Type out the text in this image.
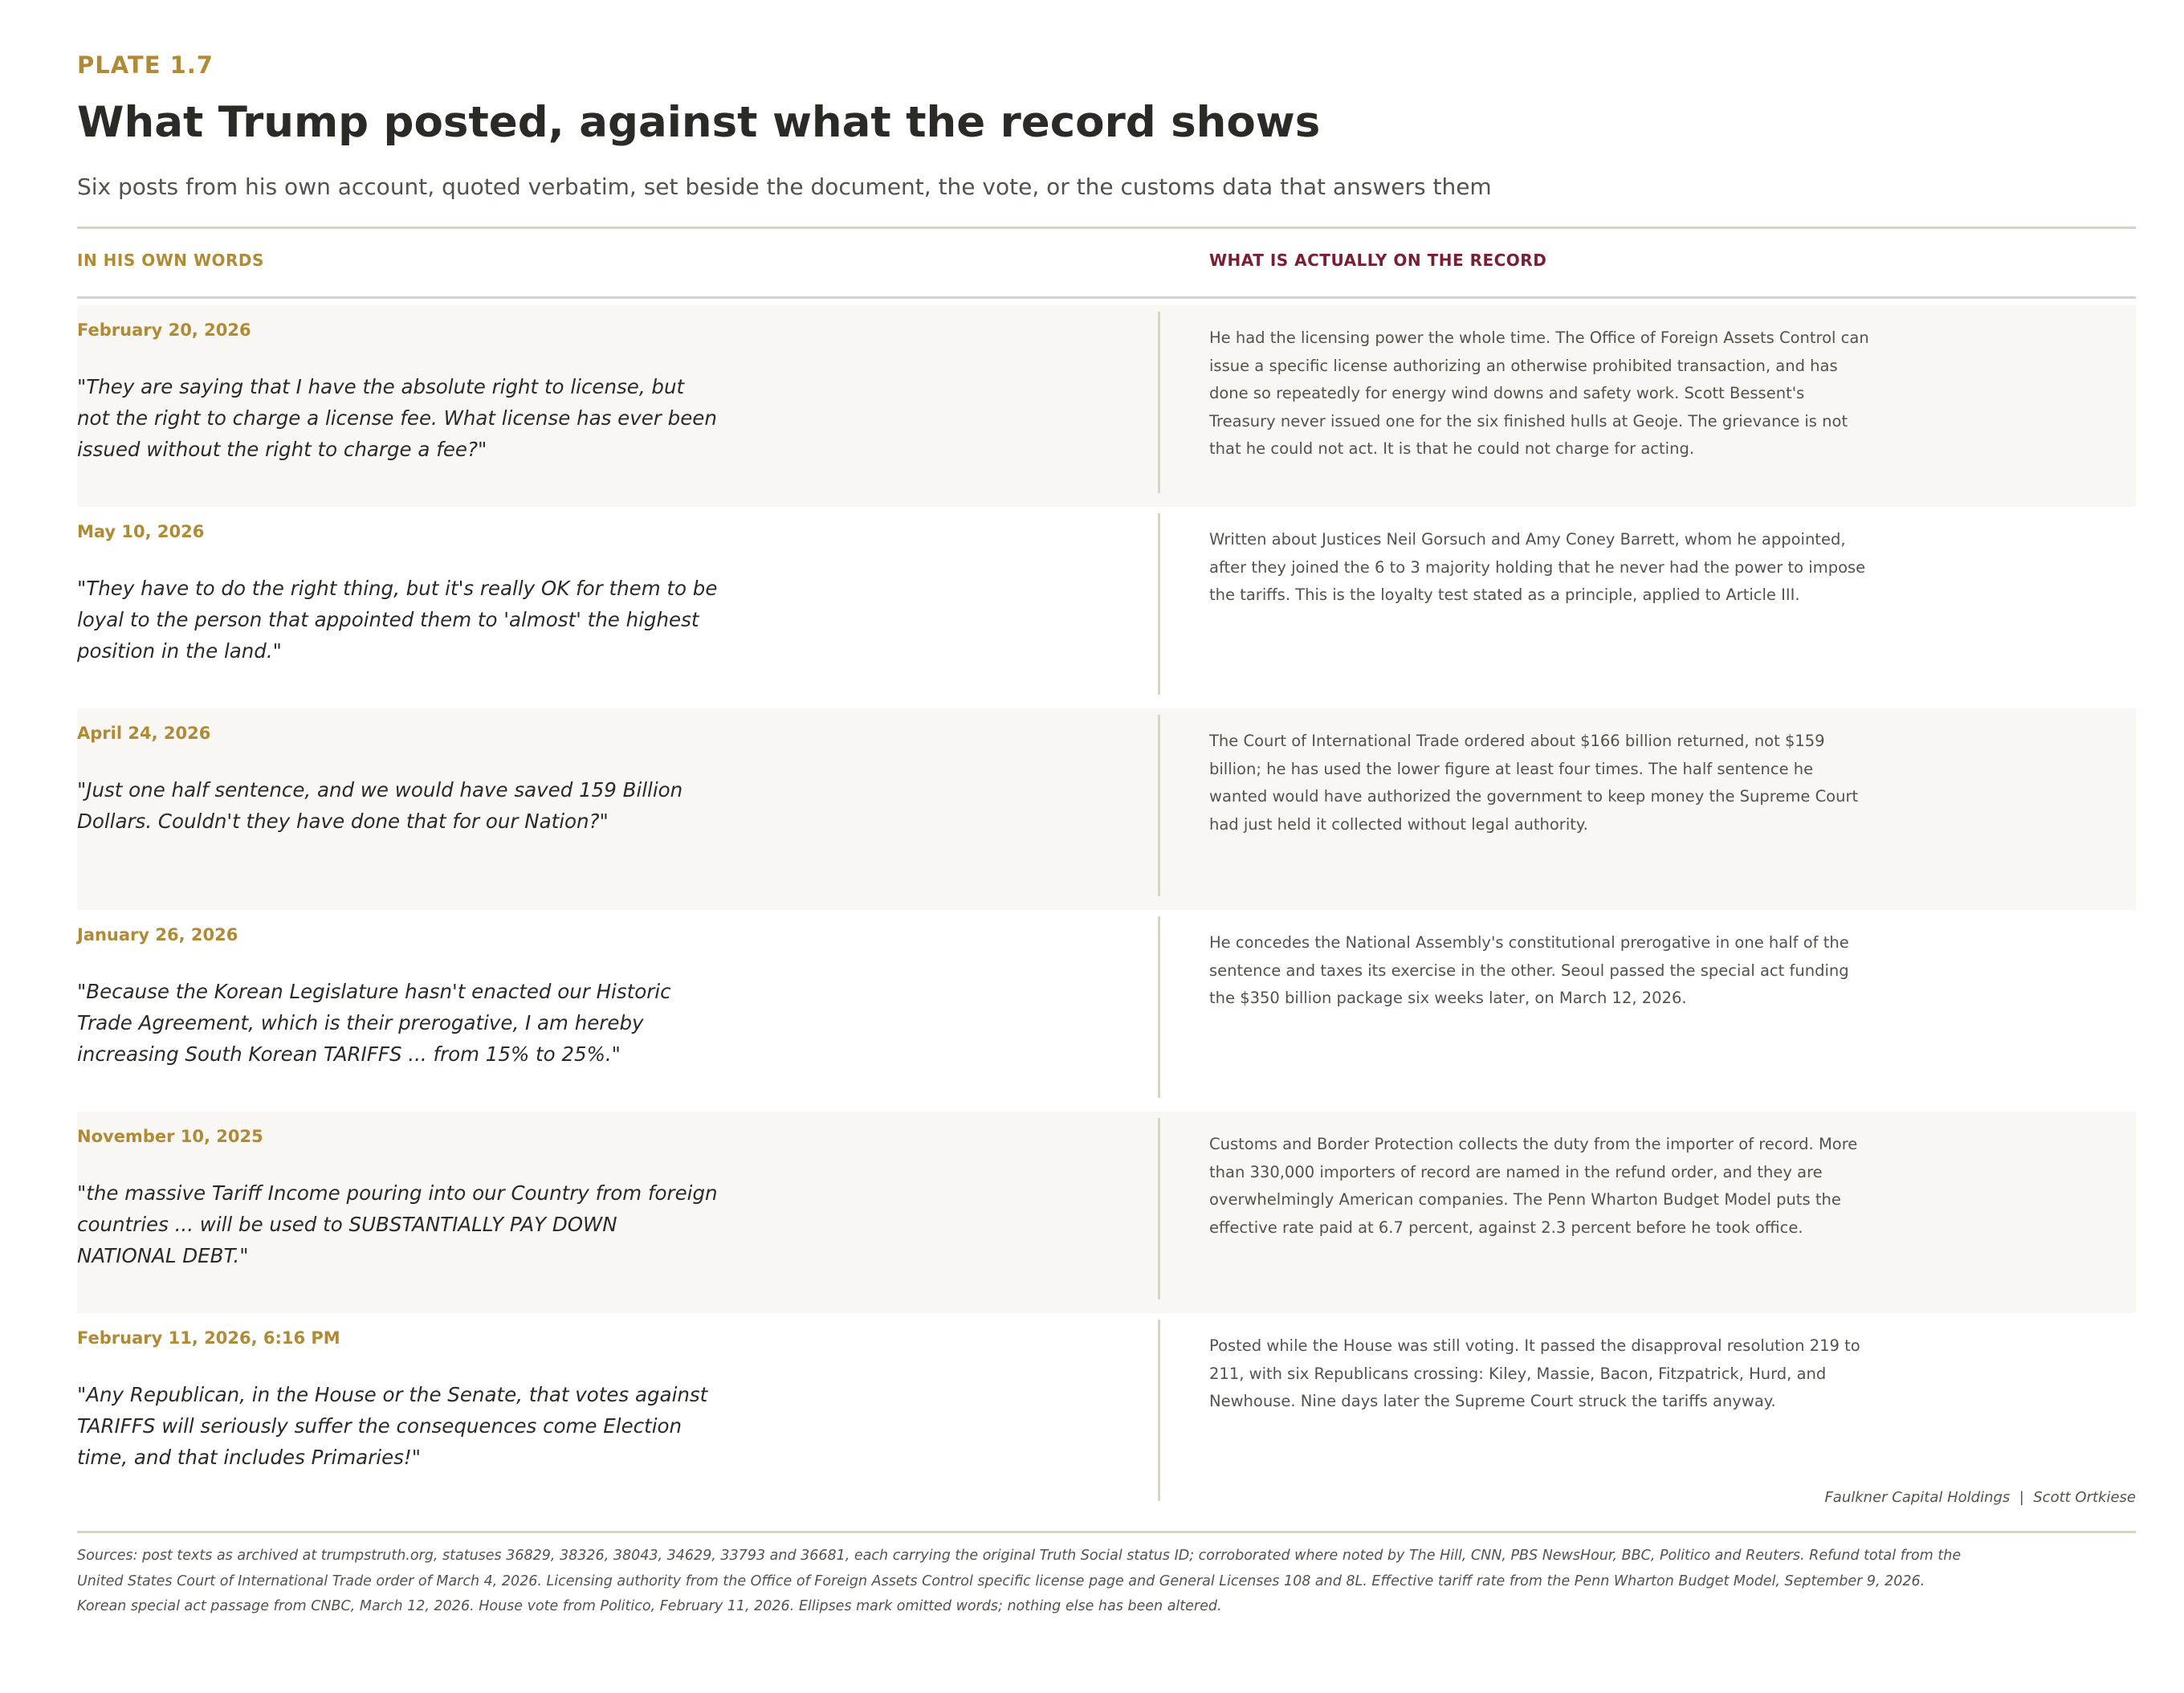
PLATE 1.7
What Trump posted, against what the record shows
Six posts from his own account, quoted verbatim, set beside the document, the vote, or the customs data that answers them
IN HIS OWN WORDS	WHAT IS ACTUALLY ON THE RECORD
February 20, 2026
"They are saying that I have the absolute right to license, but not the right to charge a license fee. What license has ever been issued without the right to charge a fee?"
He had the licensing power the whole time. The Office of Foreign Assets Control can issue a specific license authorizing an otherwise prohibited transaction, and has done so repeatedly for energy wind downs and safety work. Scott Bessent's Treasury never issued one for the six finished hulls at Geoje. The grievance is not that he could not act. It is that he could not charge for acting.
May 10, 2026
"They have to do the right thing, but it's really OK for them to be loyal to the person that appointed them to 'almost' the highest position in the land."
Written about Justices Neil Gorsuch and Amy Coney Barrett, whom he appointed, after they joined the 6 to 3 majority holding that he never had the power to impose the tariffs. This is the loyalty test stated as a principle, applied to Article III.
April 24, 2026
"Just one half sentence, and we would have saved 159 Billion Dollars. Couldn't they have done that for our Nation?"
The Court of International Trade ordered about $166 billion returned, not $159 billion; he has used the lower figure at least four times. The half sentence he wanted would have authorized the government to keep money the Supreme Court had just held it collected without legal authority.
January 26, 2026
"Because the Korean Legislature hasn't enacted our Historic Trade Agreement, which is their prerogative, I am hereby increasing South Korean TARIFFS ... from 15% to 25%."
He concedes the National Assembly's constitutional prerogative in one half of the sentence and taxes its exercise in the other. Seoul passed the special act funding the $350 billion package six weeks later, on March 12, 2026.
November 10, 2025
"the massive Tariff Income pouring into our Country from foreign countries ... will be used to SUBSTANTIALLY PAY DOWN NATIONAL DEBT."
Customs and Border Protection collects the duty from the importer of record. More than 330,000 importers of record are named in the refund order, and they are overwhelmingly American companies. The Penn Wharton Budget Model puts the effective rate paid at 6.7 percent, against 2.3 percent before he took office.
February 11, 2026, 6:16 PM
"Any Republican, in the House or the Senate, that votes against TARIFFS will seriously suffer the consequences come Election time, and that includes Primaries!"
Posted while the House was still voting. It passed the disapproval resolution 219 to 211, with six Republicans crossing: Kiley, Massie, Bacon, Fitzpatrick, Hurd, and Newhouse. Nine days later the Supreme Court struck the tariffs anyway.
Faulkner Capital Holdings  |  Scott Ortkiese
Sources: post texts as archived at trumpstruth.org, statuses 36829, 38326, 38043, 34629, 33793 and 36681, each carrying the original Truth Social status ID; corroborated where noted by The Hill, CNN, PBS NewsHour, BBC, Politico and Reuters. Refund total from the United States Court of International Trade order of March 4, 2026. Licensing authority from the Office of Foreign Assets Control specific license page and General Licenses 108 and 8L. Effective tariff rate from the Penn Wharton Budget Model, September 9, 2026. Korean special act passage from CNBC, March 12, 2026. House vote from Politico, February 11, 2026. Ellipses mark omitted words; nothing else has been altered.
